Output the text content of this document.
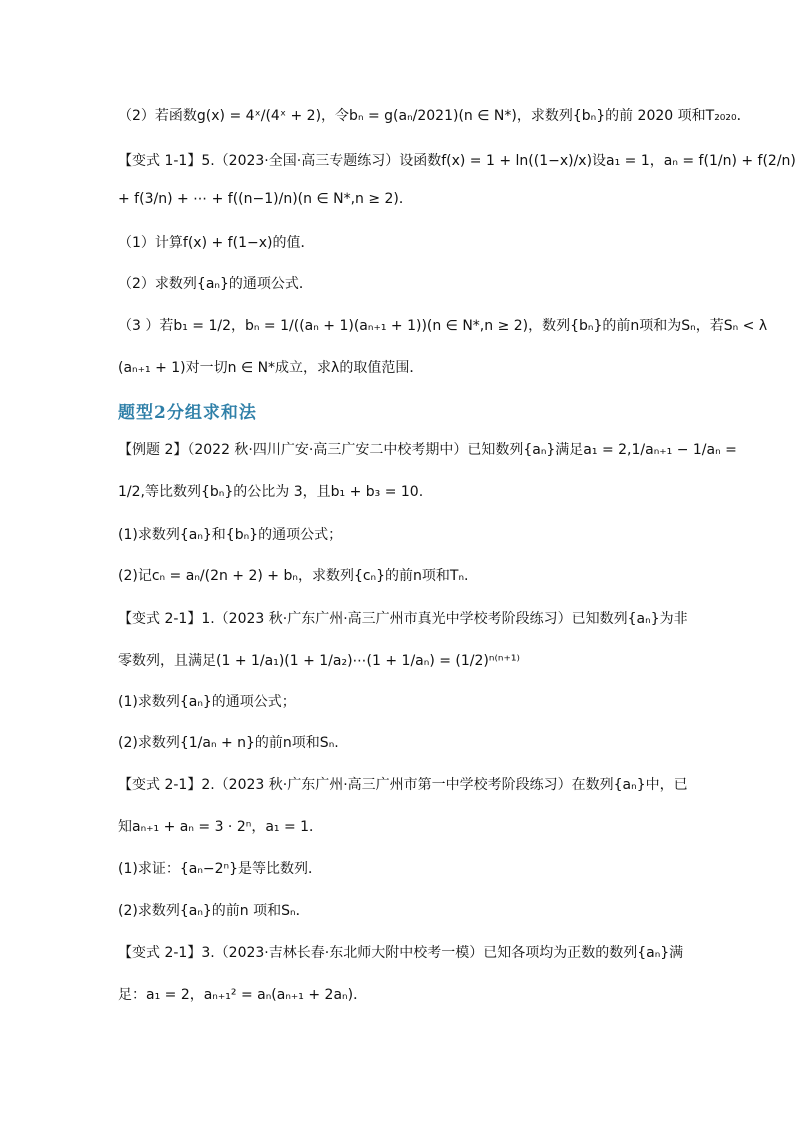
（2）若函数g(x) = 4ˣ/(4ˣ + 2)，令bₙ = g(aₙ/2021)(n ∈ N*)，求数列{bₙ}的前 2020 项和T₂₀₂₀．
【变式 1-1】5.（2023·全国·高三专题练习）设函数f(x) = 1 + ln((1−x)/x)设a₁ = 1，aₙ = f(1/n) + f(2/n)
+ f(3/n) + ⋯ + f((n−1)/n)(n ∈ N*,n ≥ 2)．
（1）计算f(x) + f(1−x)的值．
（2）求数列{aₙ}的通项公式．
（3 ）若b₁ = 1/2，bₙ = 1/((aₙ + 1)(aₙ₊₁ + 1))(n ∈ N*,n ≥ 2)，数列{bₙ}的前n项和为Sₙ，若Sₙ < λ
(aₙ₊₁ + 1)对一切n ∈ N*成立，求λ的取值范围．
题型2分组求和法
【例题 2】（2022 秋·四川广安·高三广安二中校考期中）已知数列{aₙ}满足a₁ = 2,1/aₙ₊₁ − 1/aₙ =
1/2,等比数列{bₙ}的公比为 3，且b₁ + b₃ = 10.
(1)求数列{aₙ}和{bₙ}的通项公式；
(2)记cₙ = aₙ/(2n + 2) + bₙ，求数列{cₙ}的前n项和Tₙ.
【变式 2-1】1.（2023 秋·广东广州·高三广州市真光中学校考阶段练习）已知数列{aₙ}为非
零数列，且满足(1 + 1/a₁)(1 + 1/a₂)⋯(1 + 1/aₙ) = (1/2)ⁿ⁽ⁿ⁺¹⁾
(1)求数列{aₙ}的通项公式；
(2)求数列{1/aₙ + n}的前n项和Sₙ.
【变式 2-1】2.（2023 秋·广东广州·高三广州市第一中学校考阶段练习）在数列{aₙ}中，已
知aₙ₊₁ + aₙ = 3 · 2ⁿ，a₁ = 1．
(1)求证：{aₙ−2ⁿ}是等比数列．
(2)求数列{aₙ}的前n 项和Sₙ．
【变式 2-1】3.（2023·吉林长春·东北师大附中校考一模）已知各项均为正数的数列{aₙ}满
足：a₁ = 2，aₙ₊₁² = aₙ(aₙ₊₁ + 2aₙ)．
